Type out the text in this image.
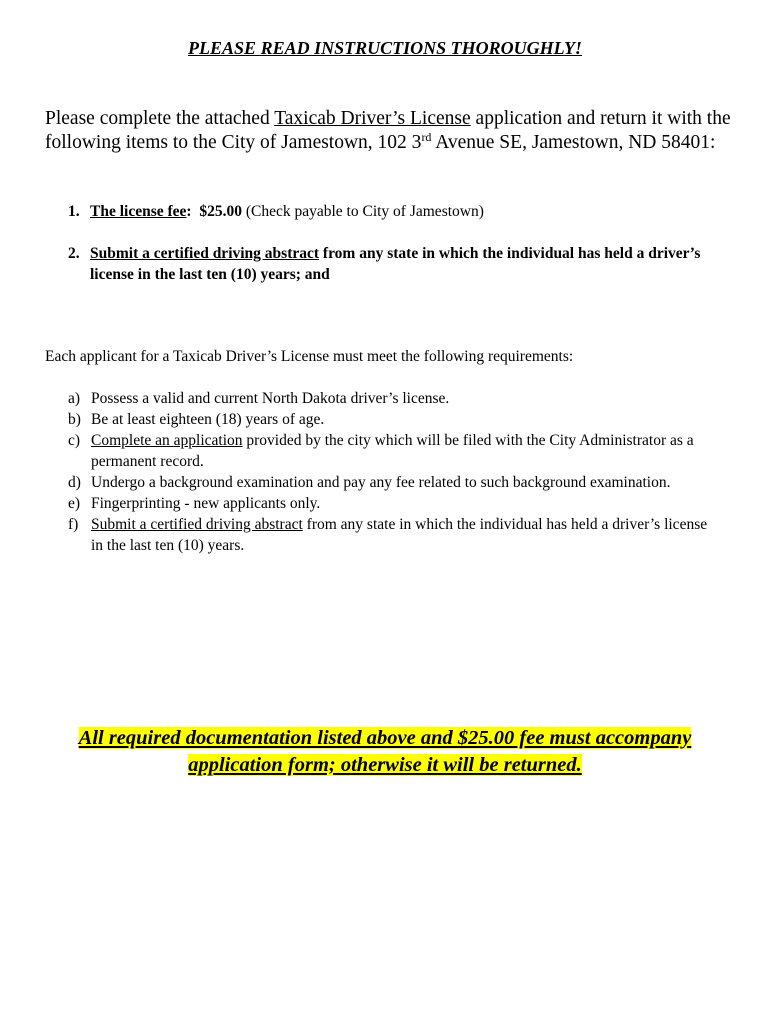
PLEASE READ INSTRUCTIONS THOROUGHLY!
Please complete the attached Taxicab Driver’s License application and return it with the following items to the City of Jamestown, 102 3rd Avenue SE, Jamestown, ND 58401:
1. The license fee: $25.00 (Check payable to City of Jamestown)
2. Submit a certified driving abstract from any state in which the individual has held a driver’s license in the last ten (10) years; and
Each applicant for a Taxicab Driver’s License must meet the following requirements:
a) Possess a valid and current North Dakota driver’s license.
b) Be at least eighteen (18) years of age.
c) Complete an application provided by the city which will be filed with the City Administrator as a permanent record.
d) Undergo a background examination and pay any fee related to such background examination.
e) Fingerprinting - new applicants only.
f) Submit a certified driving abstract from any state in which the individual has held a driver’s license in the last ten (10) years.
All required documentation listed above and $25.00 fee must accompany
application form; otherwise it will be returned.
